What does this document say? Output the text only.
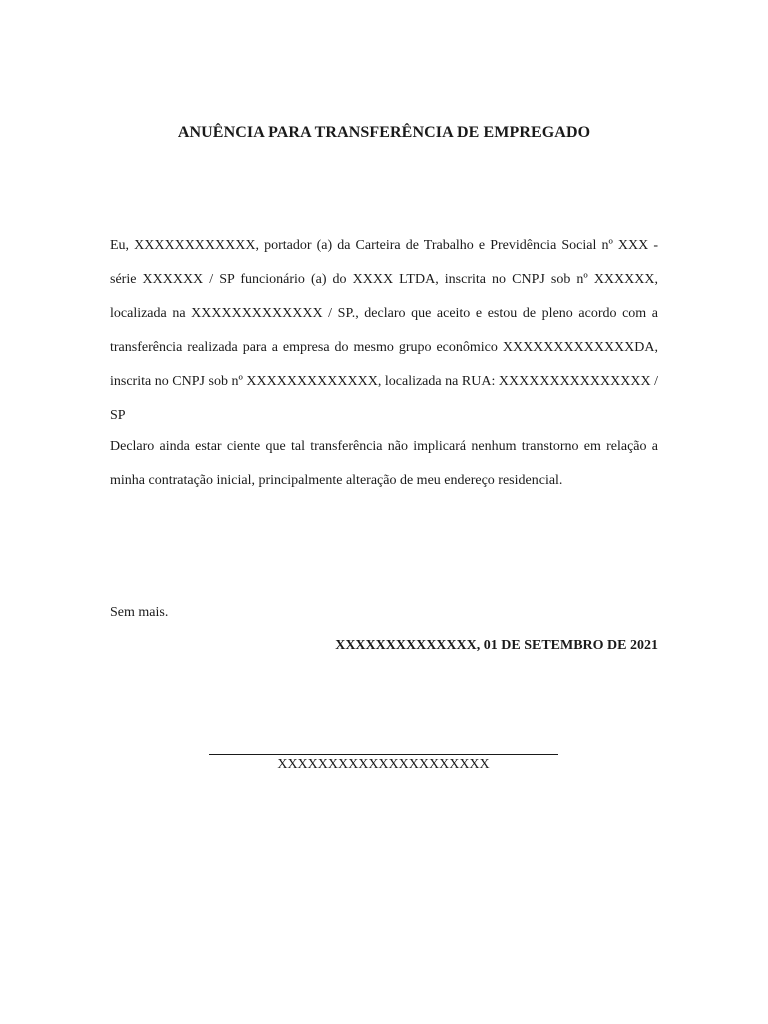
ANUÊNCIA PARA TRANSFERÊNCIA DE EMPREGADO
Eu, XXXXXXXXXXXX, portador (a) da Carteira de Trabalho e Previdência Social nº XXX - série XXXXXX / SP funcionário (a) do XXXX LTDA, inscrita no CNPJ sob nº XXXXXX, localizada na XXXXXXXXXXXXX / SP., declaro que aceito e estou de pleno acordo com a transferência realizada para a empresa do mesmo grupo econômico XXXXXXXXXXXXXDA, inscrita no CNPJ sob nº XXXXXXXXXXXXX, localizada na RUA: XXXXXXXXXXXXXXX / SP
Declaro ainda estar ciente que tal transferência não implicará nenhum transtorno em relação a minha contratação inicial, principalmente alteração de meu endereço residencial.
Sem mais.
XXXXXXXXXXXXXX, 01 DE SETEMBRO DE 2021
XXXXXXXXXXXXXXXXXXXXX
